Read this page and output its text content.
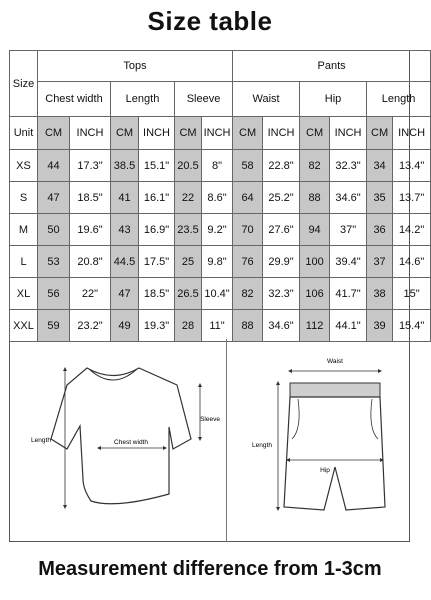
Size table
Size	Tops						Pants					
	Chest width		Length		Sleeve		Waist		Hip		Length	
Unit	CM	INCH	CM	INCH	CM	INCH	CM	INCH	CM	INCH	CM	INCH
XS	44	17.3"	38.5	15.1"	20.5	8"	58	22.8"	82	32.3"	34	13.4"
S	47	18.5"	41	16.1"	22	8.6"	64	25.2"	88	34.6"	35	13.7"
M	50	19.6"	43	16.9"	23.5	9.2"	70	27.6"	94	37"	36	14.2"
L	53	20.8"	44.5	17.5"	25	9.8"	76	29.9"	100	39.4"	37	14.6"
XL	56	22"	47	18.5"	26.5	10.4"	82	32.3"	106	41.7"	38	15"
XXL	59	23.2"	49	19.3"	28	11"	88	34.6"	112	44.1"	39	15.4"
Chest width
Length
Sleeve
Waist
Length
Hip
Measurement difference from 1-3cm
